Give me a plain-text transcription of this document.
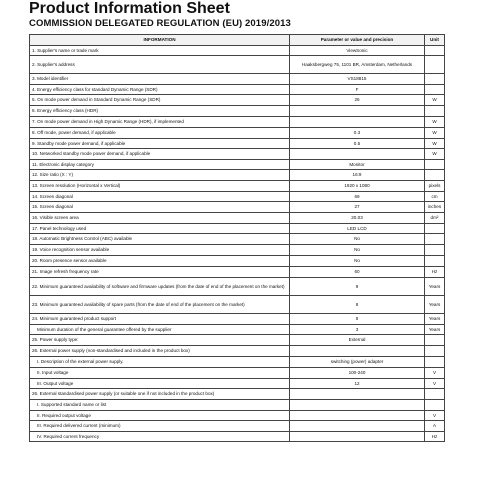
Product Information Sheet
COMMISSION DELEGATED REGULATION (EU) 2019/2013
INFORMATION	Parameter or value and precision	Unit
1. Supplier's name or trade mark	ViewSonic	
2. Supplier's address	Haaksbergweg 75, 1101 BR, Amsterdam, Netherlands	
3. Model identifier	VS18815	
4. Energy efficiency class for standard Dynamic Range (SDR)	F	
5. On mode power demand in Standard Dynamic Range (SDR)	26	W
6. Energy efficiency class (HDR)		
7. On mode power demand in High Dynamic Range (HDR), if implemented		W
8. Off mode, power demand, if applicable	0.3	W
9. Standby mode power demand, if applicable	0.5	W
10. Networked standby mode power demand, if applicable		W
11. Electronic display category	Monitor	
12. Size ratio (X : Y)	16:9	
13. Screen resolution (Horizontal x Vertical)	1920 x 1080	pixels
14. Screen diagonal	69	cm
15. Screen diagonal	27	inches
16. Visible screen area	20.03	dm²
17. Panel technology used	LED LCD	
18. Automatic Brightness Control (ABC) available	No	
19. Voice recognition sensor available	No	
20. Room presence sensor available	No	
21. Image refresh frequency rate	60	Hz
22. Minimum guaranteed availability of software and firmware updates (from the date of end of the placement on the market)	9	Years
23. Minimum guaranteed availability of spare parts (from the date of end of the placement on the market)	8	Years
24. Minimum guaranteed product support	8	Years
Minimum duration of the general guarantee offered by the supplier	3	Years
25. Power supply type:	External	
26. External power supply (non-standardised and included in the product box)		
I. Description of the external power supply.	switching (power) adapter	
II. Input voltage	100-240	V
III. Output voltage	12	V
26. External standardised power supply (or suitable one if not included in the product box)		
I. Supported standard name or list		
II. Required output voltage		V
III. Required delivered current (minimum)		A
IV. Required current frequency		Hz
